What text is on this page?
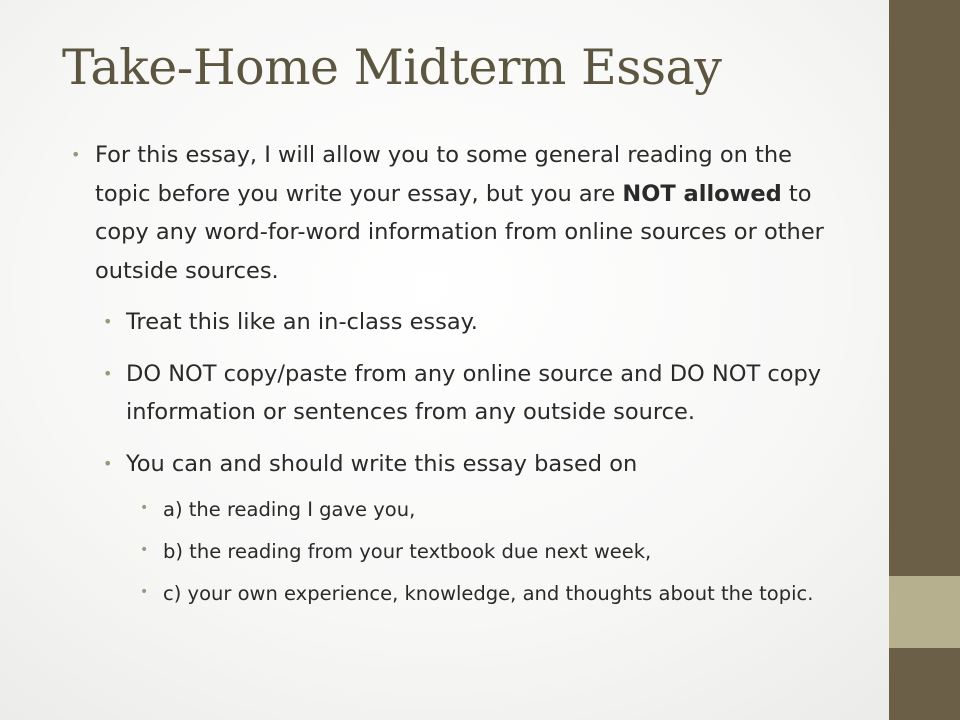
Take-Home Midterm Essay
• For this essay, I will allow you to some general reading on the topic before you write your essay, but you are NOT allowed to copy any word-for-word information from online sources or other outside sources.
• Treat this like an in-class essay.
• DO NOT copy/paste from any online source and DO NOT copy information or sentences from any outside source.
• You can and should write this essay based on
• a) the reading I gave you,
• b) the reading from your textbook due next week,
• c) your own experience, knowledge, and thoughts about the topic.
